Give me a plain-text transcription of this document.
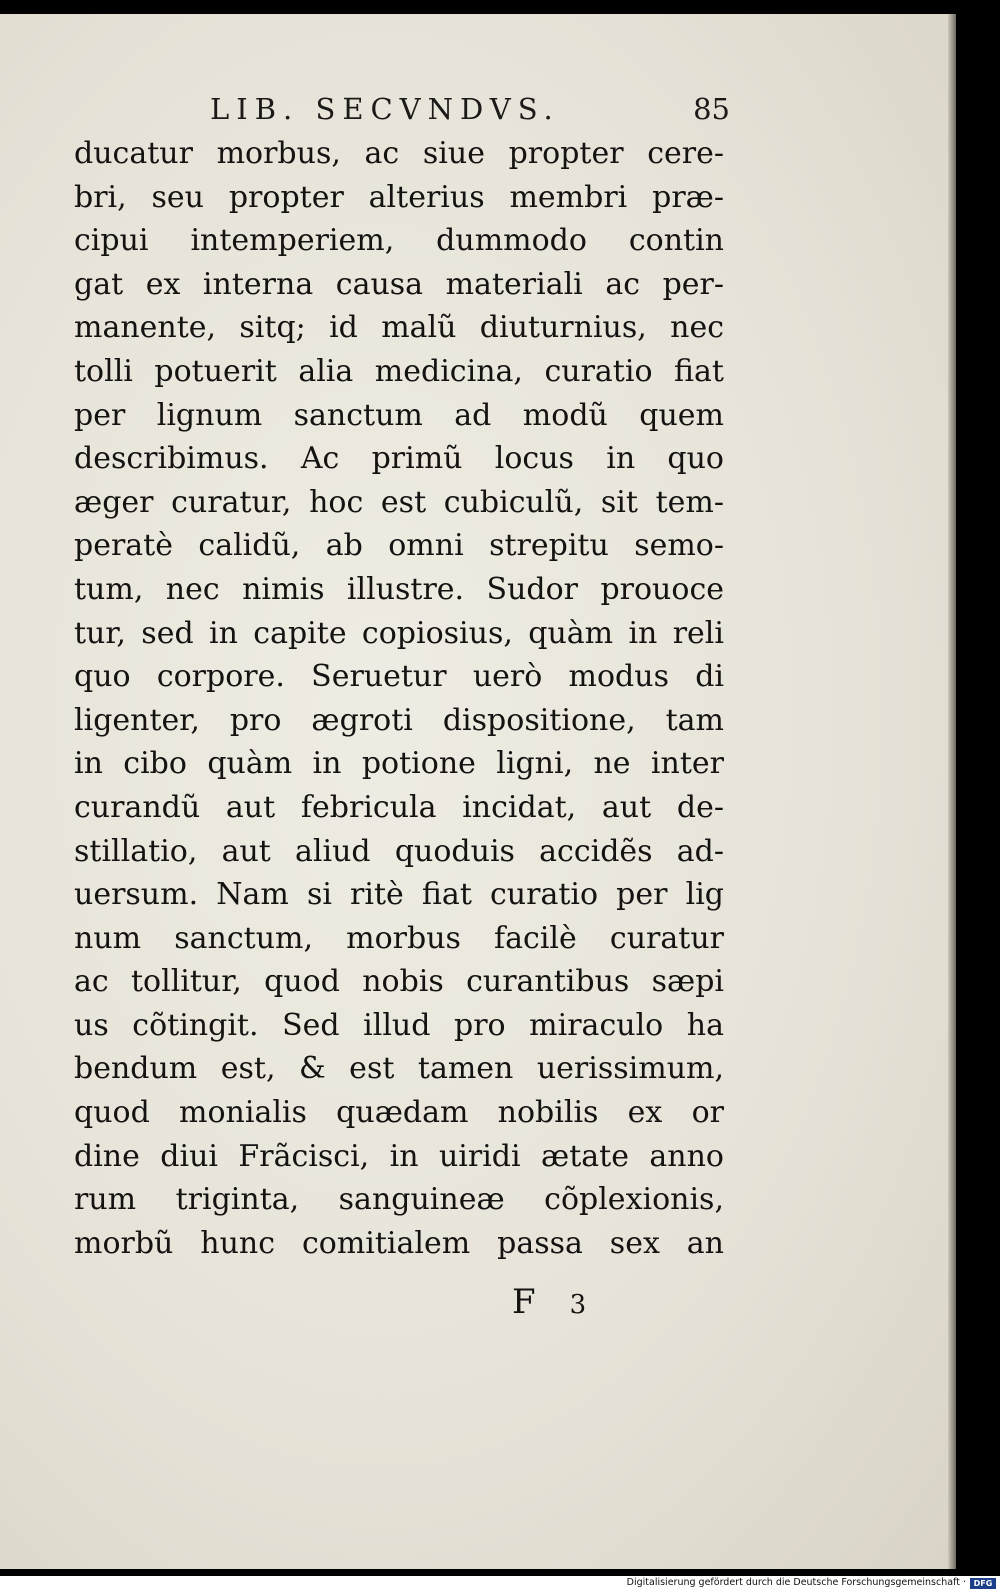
LIB. SECVNDVS.	85
ducatur morbus, ac siue propter cere-
bri, seu propter alterius membri præ-
cipui intemperiem, dummodo contin
gat ex interna causa materiali ac per-
manente, sitq; id malũ diuturnius, nec
tolli potuerit alia medicina, curatio fiat
per lignum sanctum ad modũ quem
describimus. Ac primũ locus in quo
æger curatur, hoc est cubiculũ, sit tem-
peratè calidũ, ab omni strepitu semo-
tum, nec nimis illustre. Sudor prouoce
tur, sed in capite copiosius, quàm in reli
quo corpore. Seruetur uerò modus di
ligenter, pro ægroti dispositione, tam
in cibo quàm in potione ligni, ne inter
curandũ aut febricula incidat, aut de-
stillatio, aut aliud quoduis accidẽs ad-
uersum. Nam si ritè fiat curatio per lig
num sanctum, morbus facilè curatur
ac tollitur, quod nobis curantibus sæpi
us cõtingit. Sed illud pro miraculo ha
bendum est, & est tamen uerissimum,
quod monialis quædam nobilis ex or
dine diui Frãcisci, in uiridi ætate anno
rum triginta, sanguineæ cõplexionis,
morbũ hunc comitialem passa sex an
F 3
Digitalisierung gefördert durch die Deutsche Forschungsgemeinschaft · DFG
